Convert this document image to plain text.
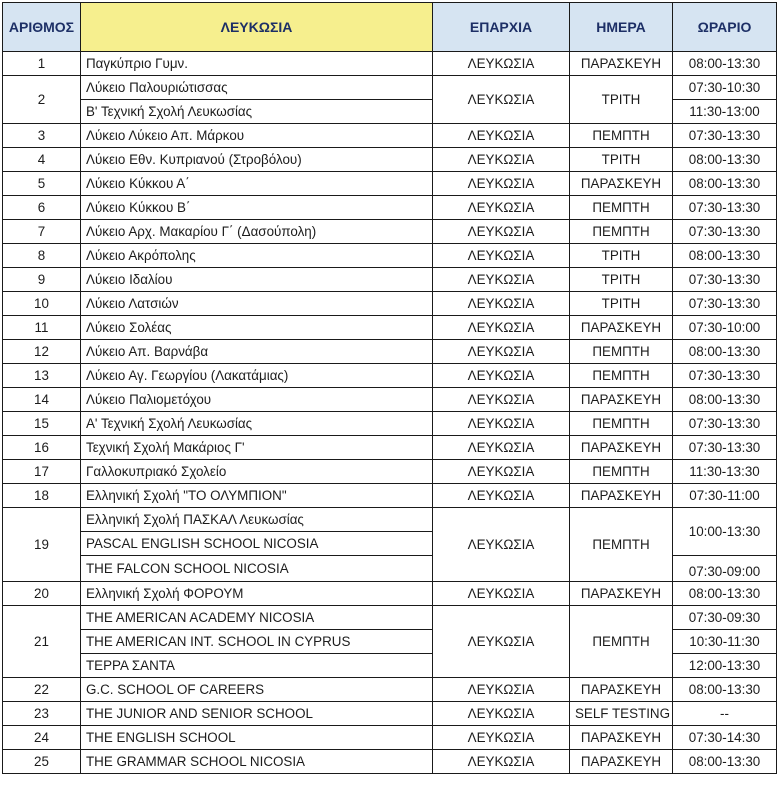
ΑΡΙΘΜΟΣ	ΛΕΥΚΩΣΙΑ	ΕΠΑΡΧΙΑ	ΗΜΕΡΑ	ΩΡΑΡΙΟ
1	Παγκύπριο Γυμν.	ΛΕΥΚΩΣΙΑ	ΠΑΡΑΣΚΕΥΗ	08:00-13:30
2	Λύκειο Παλουριώτισσας	ΛΕΥΚΩΣΙΑ	ΤΡΙΤΗ	07:30-10:30
	Β' Τεχνική Σχολή Λευκωσίας			11:30-13:00
3	Λύκειο Λύκειο Απ. Μάρκου	ΛΕΥΚΩΣΙΑ	ΠΕΜΠΤΗ	07:30-13:30
4	Λύκειο Εθν. Κυπριανού (Στροβόλου)	ΛΕΥΚΩΣΙΑ	ΤΡΙΤΗ	08:00-13:30
5	Λύκειο Κύκκου Α΄	ΛΕΥΚΩΣΙΑ	ΠΑΡΑΣΚΕΥΗ	08:00-13:30
6	Λύκειο Κύκκου Β΄	ΛΕΥΚΩΣΙΑ	ΠΕΜΠΤΗ	07:30-13:30
7	Λύκειο Αρχ. Μακαρίου Γ΄ (Δασούπολη)	ΛΕΥΚΩΣΙΑ	ΠΕΜΠΤΗ	07:30-13:30
8	Λύκειο Ακρόπολης	ΛΕΥΚΩΣΙΑ	ΤΡΙΤΗ	08:00-13:30
9	Λύκειο Ιδαλίου	ΛΕΥΚΩΣΙΑ	ΤΡΙΤΗ	07:30-13:30
10	Λύκειο Λατσιών	ΛΕΥΚΩΣΙΑ	ΤΡΙΤΗ	07:30-13:30
11	Λύκειο Σολέας	ΛΕΥΚΩΣΙΑ	ΠΑΡΑΣΚΕΥΗ	07:30-10:00
12	Λύκειο Απ. Βαρνάβα	ΛΕΥΚΩΣΙΑ	ΠΕΜΠΤΗ	08:00-13:30
13	Λύκειο Αγ. Γεωργίου (Λακατάμιας)	ΛΕΥΚΩΣΙΑ	ΠΕΜΠΤΗ	07:30-13:30
14	Λύκειο Παλιομετόχου	ΛΕΥΚΩΣΙΑ	ΠΑΡΑΣΚΕΥΗ	08:00-13:30
15	Α' Τεχνική Σχολή Λευκωσίας	ΛΕΥΚΩΣΙΑ	ΠΕΜΠΤΗ	07:30-13:30
16	Τεχνική Σχολή Μακάριος Γ'	ΛΕΥΚΩΣΙΑ	ΠΑΡΑΣΚΕΥΗ	07:30-13:30
17	Γαλλοκυπριακό Σχολείο	ΛΕΥΚΩΣΙΑ	ΠΕΜΠΤΗ	11:30-13:30
18	Ελληνική Σχολή "ΤΟ ΟΛΥΜΠΙΟΝ"	ΛΕΥΚΩΣΙΑ	ΠΑΡΑΣΚΕΥΗ	07:30-11:00
19	Ελληνική Σχολή ΠΑΣΚΑΛ Λευκωσίας	ΛΕΥΚΩΣΙΑ	ΠΕΜΠΤΗ	10:00-13:30
	PASCAL ENGLISH SCHOOL NICOSIA			
	THE FALCON SCHOOL NICOSIA			07:30-09:00
20	Ελληνική Σχολή ΦΟΡΟΥΜ	ΛΕΥΚΩΣΙΑ	ΠΑΡΑΣΚΕΥΗ	08:00-13:30
21	THE AMERICAN ACADEMY NICOSIA	ΛΕΥΚΩΣΙΑ	ΠΕΜΠΤΗ	07:30-09:30
	THE AMERICAN INT. SCHOOL IN CYPRUS			10:30-11:30
	ΤΕΡΡΑ ΣΑΝΤΑ			12:00-13:30
22	G.C. SCHOOL OF CAREERS	ΛΕΥΚΩΣΙΑ	ΠΑΡΑΣΚΕΥΗ	08:00-13:30
23	THE JUNIOR AND SENIOR SCHOOL	ΛΕΥΚΩΣΙΑ	SELF TESTING	--
24	THE ENGLISH SCHOOL	ΛΕΥΚΩΣΙΑ	ΠΑΡΑΣΚΕΥΗ	07:30-14:30
25	THE GRAMMAR SCHOOL NICOSIA	ΛΕΥΚΩΣΙΑ	ΠΑΡΑΣΚΕΥΗ	08:00-13:30
